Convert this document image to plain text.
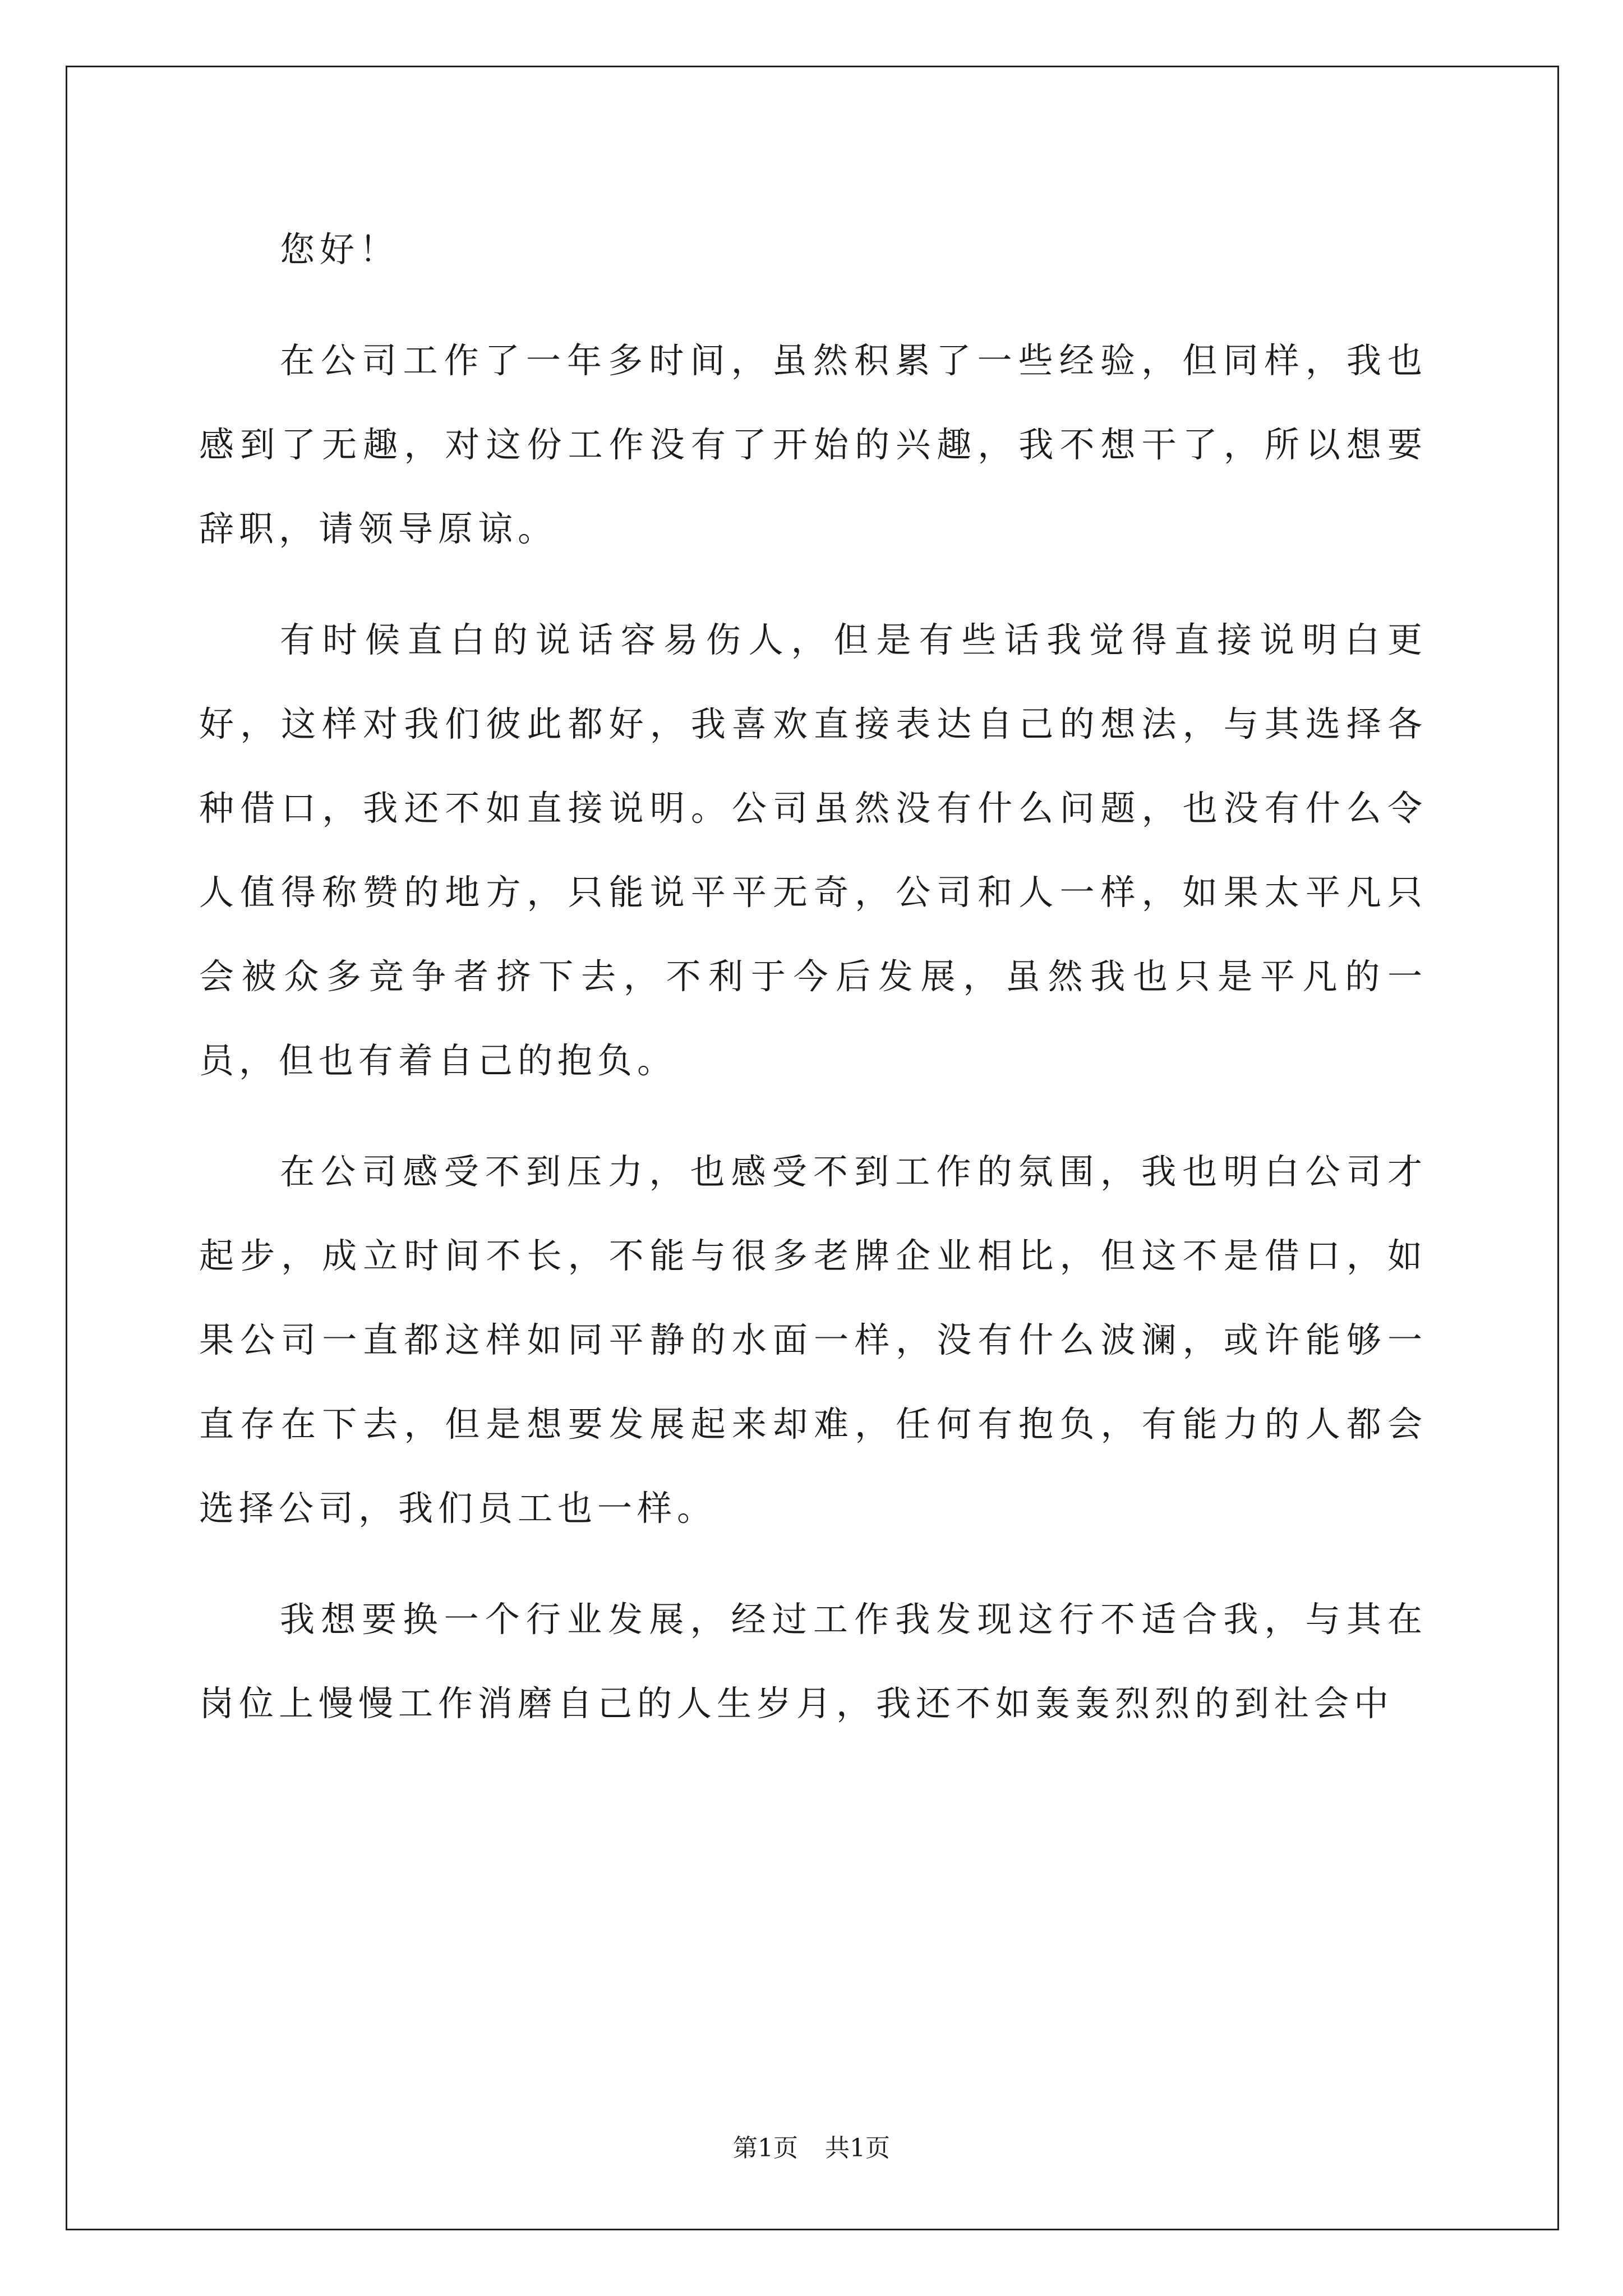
您好！

在公司工作了一年多时间，虽然积累了一些经验，但同样，我也感到了无趣，对这份工作没有了开始的兴趣，我不想干了，所以想要辞职，请领导原谅。

有时候直白的说话容易伤人，但是有些话我觉得直接说明白更好，这样对我们彼此都好，我喜欢直接表达自己的想法，与其选择各种借口，我还不如直接说明。公司虽然没有什么问题，也没有什么令人值得称赞的地方，只能说平平无奇，公司和人一样，如果太平凡只会被众多竞争者挤下去，不利于今后发展，虽然我也只是平凡的一员，但也有着自己的抱负。

在公司感受不到压力，也感受不到工作的氛围，我也明白公司才起步，成立时间不长，不能与很多老牌企业相比，但这不是借口，如果公司一直都这样如同平静的水面一样，没有什么波澜，或许能够一直存在下去，但是想要发展起来却难，任何有抱负，有能力的人都会选择公司，我们员工也一样。

我想要换一个行业发展，经过工作我发现这行不适合我，与其在岗位上慢慢工作消磨自己的人生岁月，我还不如轰轰烈烈的到社会中

第1页 共1页
